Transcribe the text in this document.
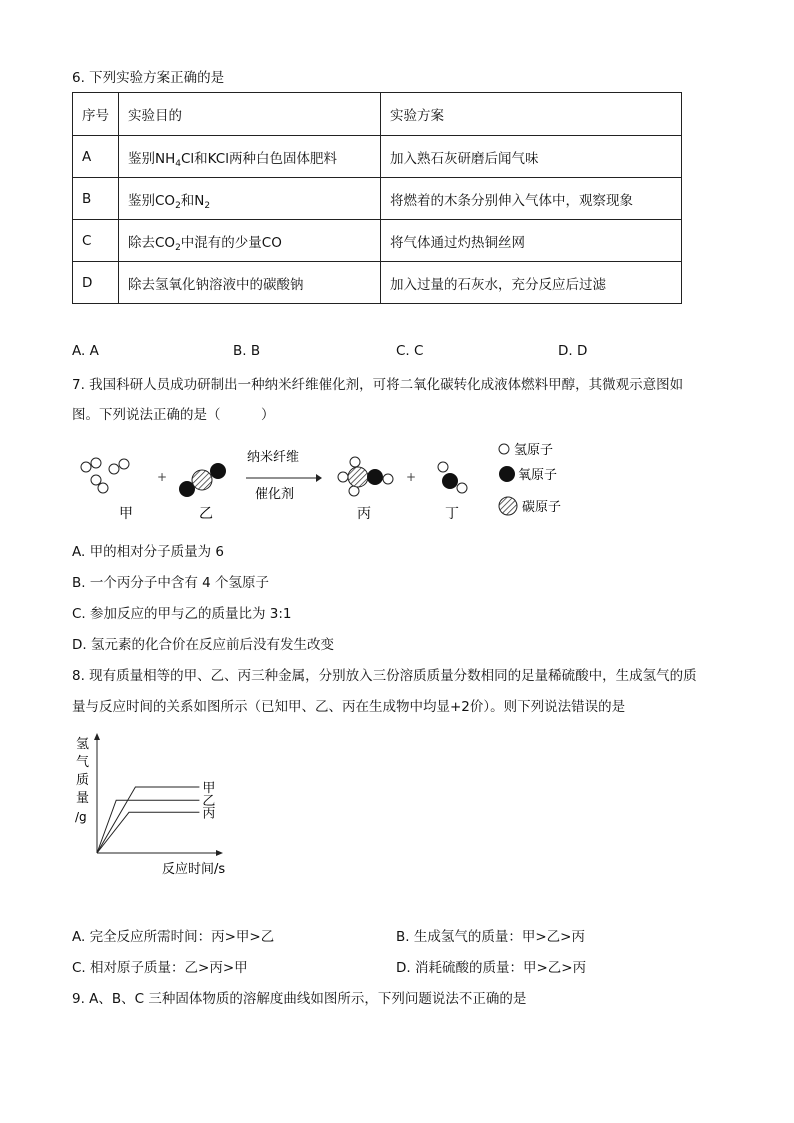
6. 下列实验方案正确的是
序号	实验目的	实验方案
A	鉴别$NH_4Cl$和KCl两种白色固体肥料	加入熟石灰研磨后闻气味
B	鉴别$CO_2$和$N_2$	将燃着的木条分别伸入气体中，观察现象
C	除去$CO_2$中混有的少量CO	将气体通过灼热铜丝网
D	除去氢氧化钠溶液中的碳酸钠	加入过量的石灰水，充分反应后过滤
A. A	B. B	C. C	D. D
7. 我国科研人员成功研制出一种纳米纤维催化剂，可将二氧化碳转化成液体燃料甲醇，其微观示意图如
图。下列说法正确的是（　　　）
+
纳米纤维
催化剂
+
甲	乙	丙	丁
氢原子
氧原子
碳原子
A. 甲的相对分子质量为 6
B. 一个丙分子中含有 4 个氢原子
C. 参加反应的甲与乙的质量比为 3:1
D. 氢元素的化合价在反应前后没有发生改变
8. 现有质量相等的甲、乙、丙三种金属，分别放入三份溶质质量分数相同的足量稀硫酸中，生成氢气的质
量与反应时间的关系如图所示（已知甲、乙、丙在生成物中均显+2价）。则下列说法错误的是
氢
气
质
量
/g
甲
乙
丙
反应时间/s
A. 完全反应所需时间：丙>甲>乙	B. 生成氢气的质量：甲>乙>丙
C. 相对原子质量：乙>丙>甲	D. 消耗硫酸的质量：甲>乙>丙
9. A、B、C 三种固体物质的溶解度曲线如图所示，下列问题说法不正确的是
